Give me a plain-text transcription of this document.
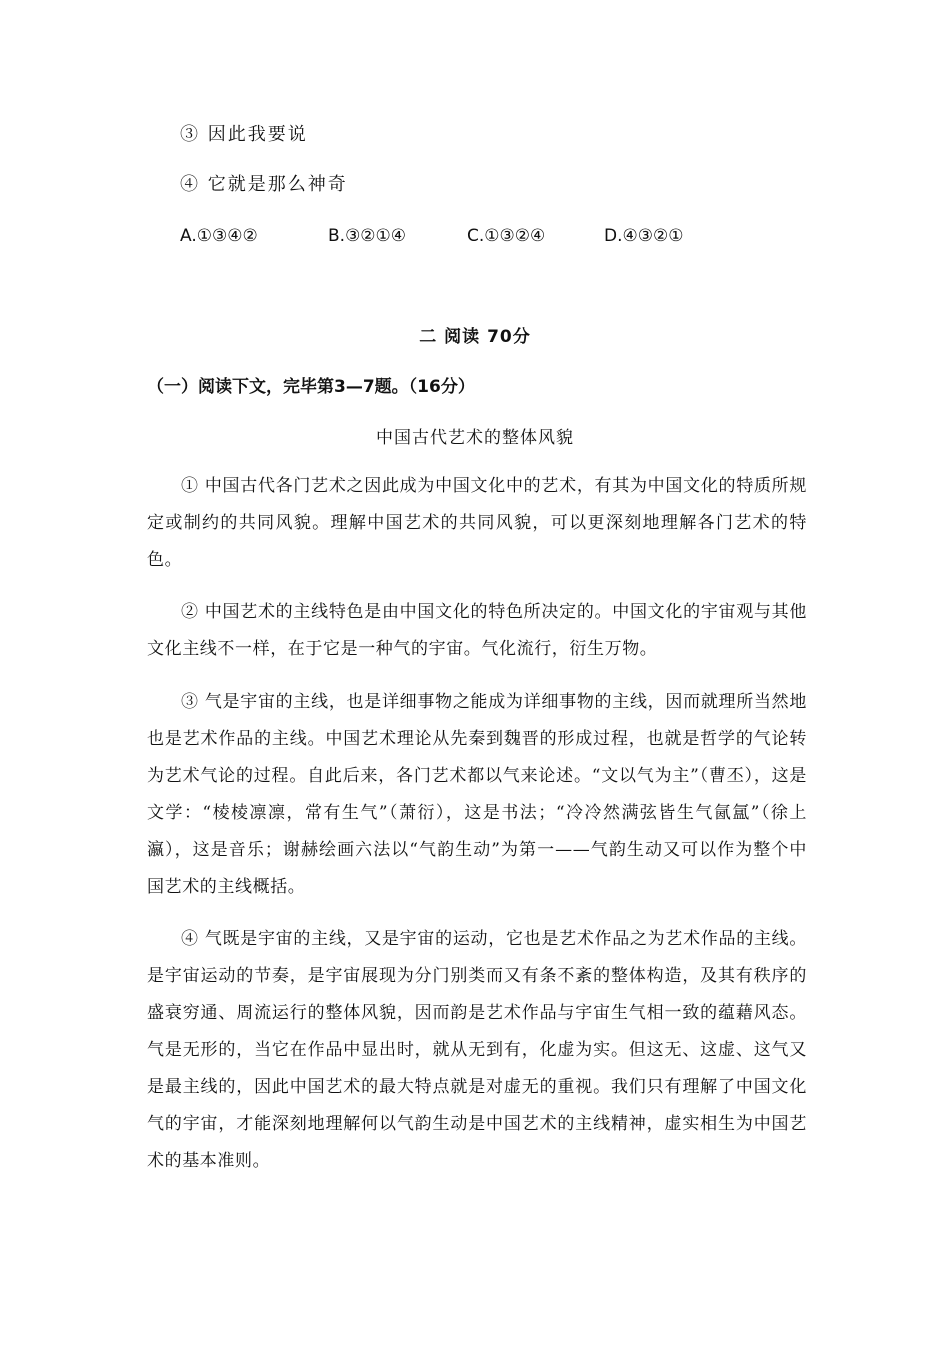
③ 因此我要说
④ 它就是那么神奇
A.①③④②	B.③②①④	C.①③②④	D.④③②①
二 阅读 70分
（一）阅读下文，完毕第3—7题。（16分）
中国古代艺术的整体风貌

① 中国古代各门艺术之因此成为中国文化中的艺术，有其为中国文化的特质所规定或制约的共同风貌。理解中国艺术的共同风貌，可以更深刻地理解各门艺术的特色。

② 中国艺术的主线特色是由中国文化的特色所决定的。中国文化的宇宙观与其他文化主线不一样，在于它是一种气的宇宙。气化流行，衍生万物。

③ 气是宇宙的主线，也是详细事物之能成为详细事物的主线，因而就理所当然地也是艺术作品的主线。中国艺术理论从先秦到魏晋的形成过程，也就是哲学的气论转为艺术气论的过程。自此后来，各门艺术都以气来论述。“文以气为主”（曹丕），这是文学：“棱棱凛凛，常有生气”（萧衍），这是书法；“冷冷然满弦皆生气氤氲”（徐上瀛），这是音乐；谢赫绘画六法以“气韵生动”为第一——气韵生动又可以作为整个中国艺术的主线概括。

④ 气既是宇宙的主线，又是宇宙的运动，它也是艺术作品之为艺术作品的主线。是宇宙运动的节奏，是宇宙展现为分门别类而又有条不紊的整体构造，及其有秩序的盛衰穷通、周流运行的整体风貌，因而韵是艺术作品与宇宙生气相一致的蕴藉风态。气是无形的，当它在作品中显出时，就从无到有，化虚为实。但这无、这虚、这气又是最主线的，因此中国艺术的最大特点就是对虚无的重视。我们只有理解了中国文化气的宇宙，才能深刻地理解何以气韵生动是中国艺术的主线精神，虚实相生为中国艺术的基本准则。
